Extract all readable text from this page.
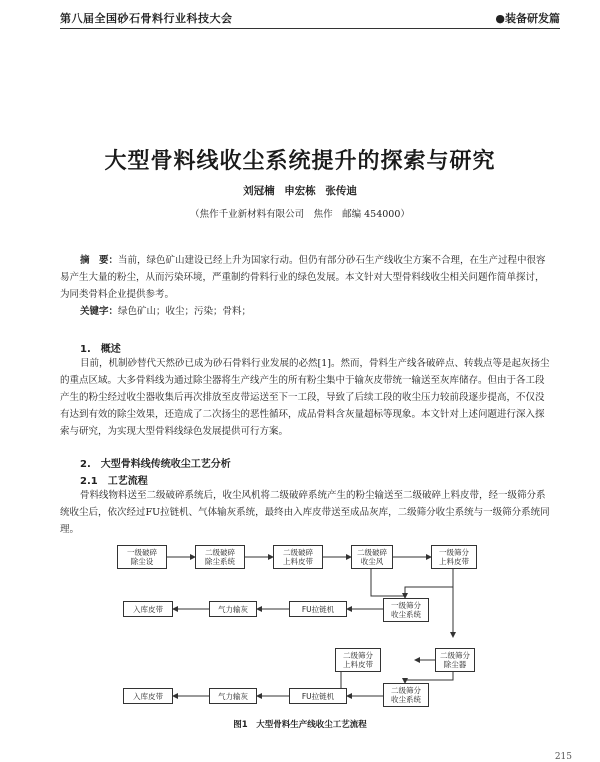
第八届全国砂石骨料行业科技大会	●装备研发篇
大型骨料线收尘系统提升的探索与研究
刘冠楠 申宏栋 张传迪
（焦作千业新材料有限公司　焦作　邮编 454000）
摘　要：当前，绿色矿山建设已经上升为国家行动。但仍有部分砂石生产线收尘方案不合理，在生产过程中很容易产生大量的粉尘，从而污染环境，严重制约骨料行业的绿色发展。本文针对大型骨料线收尘相关问题作简单探讨，为同类骨料企业提供参考。
关键字：绿色矿山；收尘；污染；骨料；
1.　概述
目前，机制砂替代天然砂已成为砂石骨料行业发展的必然[1]。然而，骨料生产线各破碎点、转载点等是起灰扬尘的重点区域。大多骨料线为通过除尘器将生产线产生的所有粉尘集中于输灰皮带统一输送至灰库储存。但由于各工段产生的粉尘经过收尘器收集后再次排放至皮带运送至下一工段，导致了后续工段的收尘压力较前段逐步提高，不仅没有达到有效的除尘效果，还造成了二次扬尘的恶性循环，成品骨料含灰量超标等现象。本文针对上述问题进行深入探索与研究，为实现大型骨料线绿色发展提供可行方案。
2.　大型骨料线传统收尘工艺分析
2.1　工艺流程
骨料线物料送至二级破碎系统后，收尘风机将二级破碎系统产生的粉尘输送至二级破碎上料皮带，经一级筛分系统收尘后，依次经过FU拉链机、气体输灰系统，最终由入库皮带送至成品灰库，二级筛分收尘系统与一级筛分系统同理。
一级破碎
除尘设
二级破碎
除尘系统
二级破碎
上料皮带
二级破碎
收尘风
一级筛分
上料皮带
一级筛分
收尘系统
FU拉链机
气力输灰
入库皮带
二级筛分
上料皮带
二级筛分
除尘器
二级筛分
收尘系统
FU拉链机
气力输灰
入库皮带
图1　大型骨料生产线收尘工艺流程
215
